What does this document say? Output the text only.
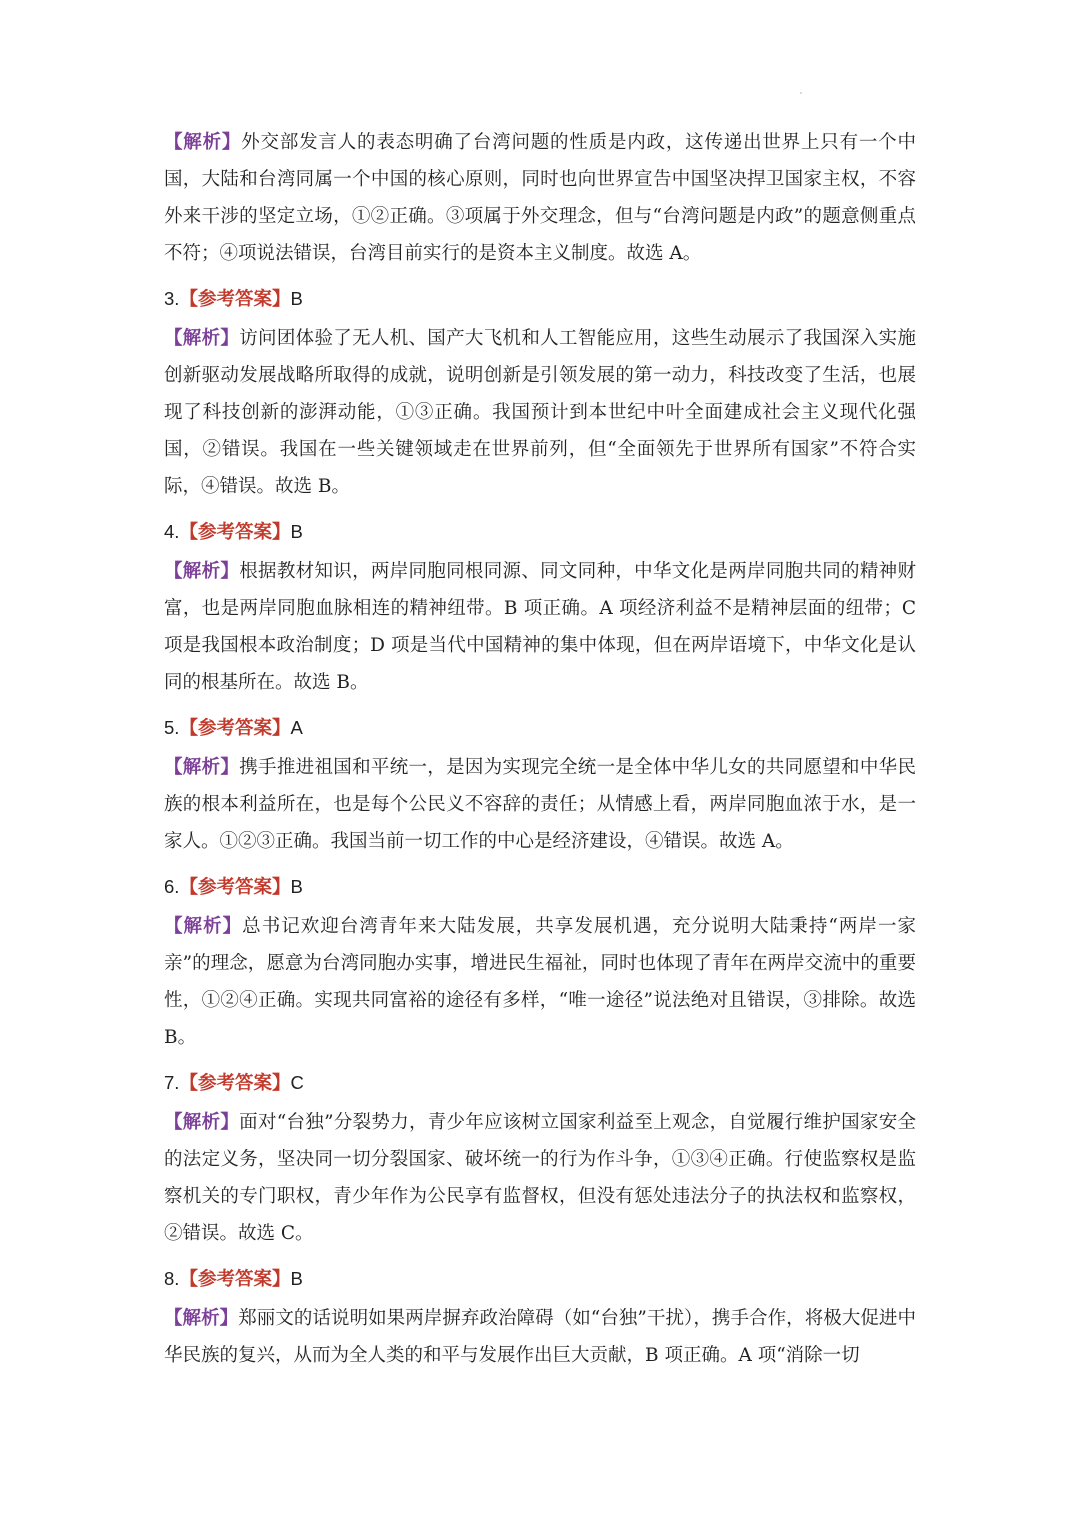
【解析】外交部发言人的表态明确了台湾问题的性质是内政，这传递出世界上只有一个中国，大陆和台湾同属一个中国的核心原则，同时也向世界宣告中国坚决捍卫国家主权，不容外来干涉的坚定立场，①②正确。③项属于外交理念，但与“台湾问题是内政”的题意侧重点不符；④项说法错误，台湾目前实行的是资本主义制度。故选 A。

3.【参考答案】B

【解析】访问团体验了无人机、国产大飞机和人工智能应用，这些生动展示了我国深入实施创新驱动发展战略所取得的成就，说明创新是引领发展的第一动力，科技改变了生活，也展现了科技创新的澎湃动能，①③正确。我国预计到本世纪中叶全面建成社会主义现代化强国，②错误。我国在一些关键领域走在世界前列，但“全面领先于世界所有国家”不符合实际，④错误。故选 B。

4.【参考答案】B

【解析】根据教材知识，两岸同胞同根同源、同文同种，中华文化是两岸同胞共同的精神财富，也是两岸同胞血脉相连的精神纽带。B 项正确。A 项经济利益不是精神层面的纽带；C 项是我国根本政治制度；D 项是当代中国精神的集中体现，但在两岸语境下，中华文化是认同的根基所在。故选 B。

5.【参考答案】A

【解析】携手推进祖国和平统一，是因为实现完全统一是全体中华儿女的共同愿望和中华民族的根本利益所在，也是每个公民义不容辞的责任；从情感上看，两岸同胞血浓于水，是一家人。①②③正确。我国当前一切工作的中心是经济建设，④错误。故选 A。

6.【参考答案】B

【解析】总书记欢迎台湾青年来大陆发展，共享发展机遇，充分说明大陆秉持“两岸一家亲”的理念，愿意为台湾同胞办实事，增进民生福祉，同时也体现了青年在两岸交流中的重要性，①②④正确。实现共同富裕的途径有多样，“唯一途径”说法绝对且错误，③排除。故选 B。

7.【参考答案】C

【解析】面对“台独”分裂势力，青少年应该树立国家利益至上观念，自觉履行维护国家安全的法定义务，坚决同一切分裂国家、破坏统一的行为作斗争，①③④正确。行使监察权是监察机关的专门职权，青少年作为公民享有监督权，但没有惩处违法分子的执法权和监察权，②错误。故选 C。

8.【参考答案】B

【解析】郑丽文的话说明如果两岸摒弃政治障碍（如“台独”干扰），携手合作，将极大促进中华民族的复兴，从而为全人类的和平与发展作出巨大贡献，B 项正确。A 项“消除一切
